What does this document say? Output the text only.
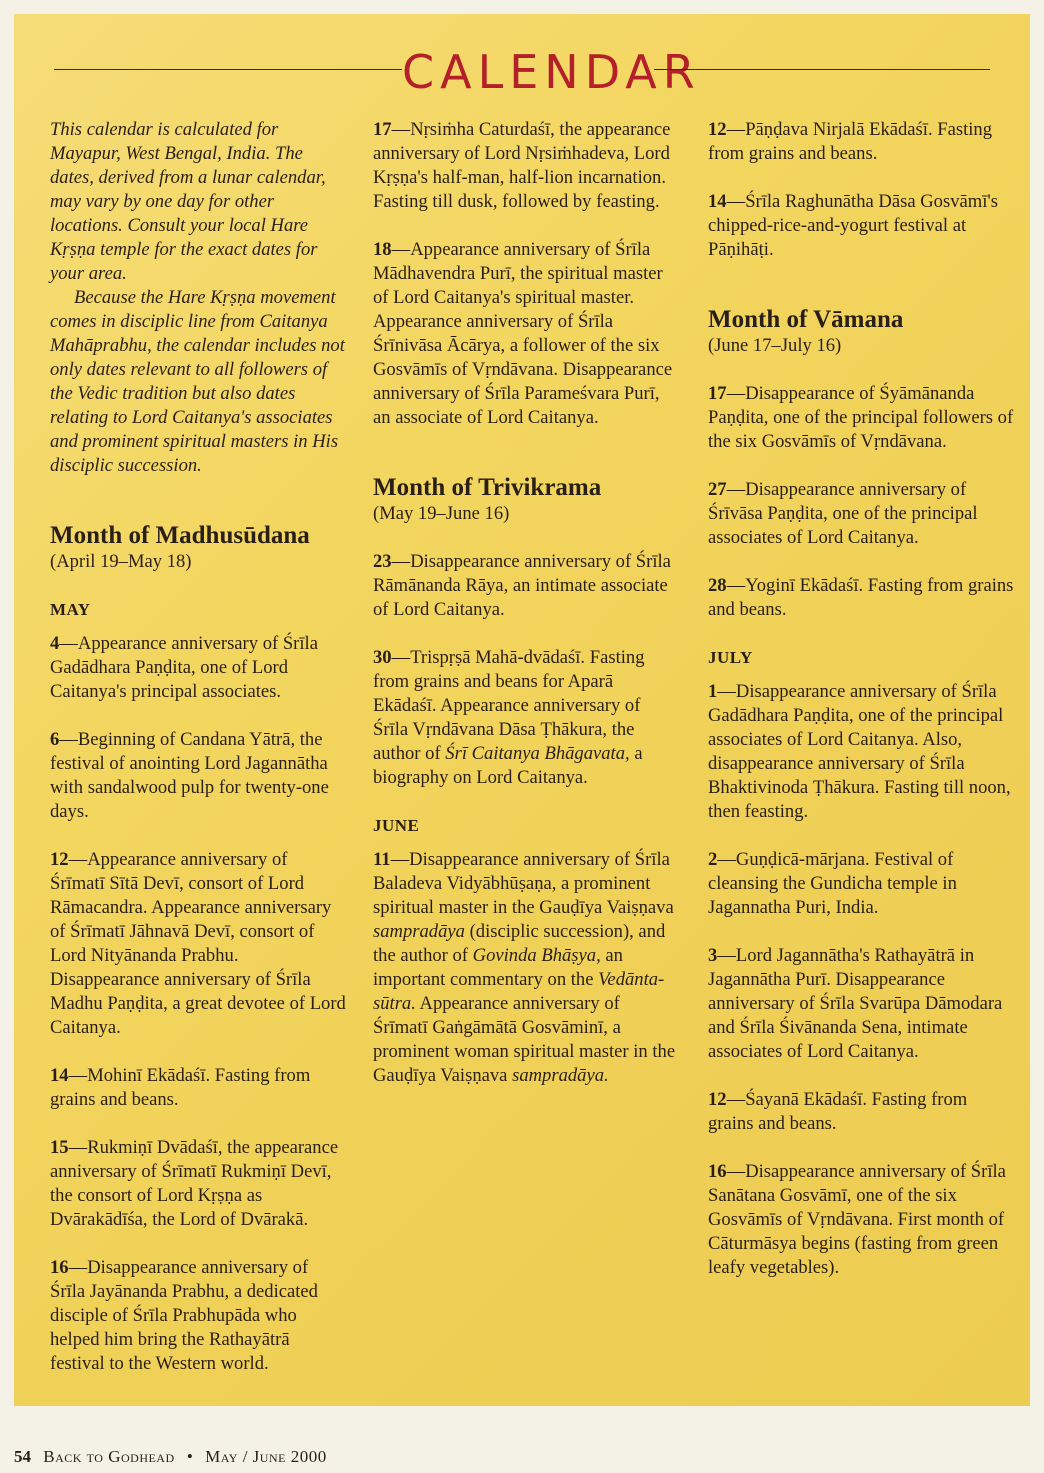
CALENDAR

This calendar is calculated for Mayapur, West Bengal, India. The dates, derived from a lunar calendar, may vary by one day for other locations. Consult your local Hare Kṛṣṇa temple for the exact dates for your area.

Because the Hare Kṛṣṇa movement comes in disciplic line from Caitanya Mahāprabhu, the calendar includes not only dates relevant to all followers of the Vedic tradition but also dates relating to Lord Caitanya's associates and prominent spiritual masters in His disciplic succession.

Month of Madhusūdana

(April 19–May 18)

MAY

4—Appearance anniversary of Śrīla Gadādhara Paṇḍita, one of Lord Caitanya's principal associates.

6—Beginning of Candana Yātrā, the festival of anointing Lord Jagannātha with sandalwood pulp for twenty-one days.

12—Appearance anniversary of Śrīmatī Sītā Devī, consort of Lord Rāmacandra. Appearance anniversary of Śrīmatī Jāhnavā Devī, consort of Lord Nityānanda Prabhu. Disappearance anniversary of Śrīla Madhu Paṇḍita, a great devotee of Lord Caitanya.

14—Mohinī Ekādaśī. Fasting from grains and beans.

15—Rukmiṇī Dvādaśī, the appearance anniversary of Śrīmatī Rukmiṇī Devī, the consort of Lord Kṛṣṇa as Dvārakādīśa, the Lord of Dvārakā.

16—Disappearance anniversary of Śrīla Jayānanda Prabhu, a dedicated disciple of Śrīla Prabhupāda who helped him bring the Rathayātrā festival to the Western world.

17—Nṛsiṁha Caturdaśī, the appearance anniversary of Lord Nṛsiṁhadeva, Lord Kṛṣṇa's half-man, half-lion incarnation. Fasting till dusk, followed by feasting.

18—Appearance anniversary of Śrīla Mādhavendra Purī, the spiritual master of Lord Caitanya's spiritual master. Appearance anniversary of Śrīla Śrīnivāsa Ācārya, a follower of the six Gosvāmīs of Vṛndāvana. Disappearance anniversary of Śrīla Parameśvara Purī, an associate of Lord Caitanya.

Month of Trivikrama

(May 19–June 16)

23—Disappearance anniversary of Śrīla Rāmānanda Rāya, an intimate associate of Lord Caitanya.

30—Trispṛṣā Mahā-dvādaśī. Fasting from grains and beans for Aparā Ekādaśī. Appearance anniversary of Śrīla Vṛndāvana Dāsa Ṭhākura, the author of Śrī Caitanya Bhāgavata, a biography on Lord Caitanya.

JUNE

11—Disappearance anniversary of Śrīla Baladeva Vidyābhūṣaṇa, a prominent spiritual master in the Gauḍīya Vaiṣṇava sampradāya (disciplic succession), and the author of Govinda Bhāṣya, an important commentary on the Vedānta-sūtra. Appearance anniversary of Śrīmatī Gaṅgāmātā Gosvāminī, a prominent woman spiritual master in the Gauḍīya Vaiṣṇava sampradāya.

12—Pāṇḍava Nirjalā Ekādaśī. Fasting from grains and beans.

14—Śrīla Raghunātha Dāsa Gosvāmī's chipped-rice-and-yogurt festival at Pāṇihāṭi.

Month of Vāmana

(June 17–July 16)

17—Disappearance of Śyāmānanda Paṇḍita, one of the principal followers of the six Gosvāmīs of Vṛndāvana.

27—Disappearance anniversary of Śrīvāsa Paṇḍita, one of the principal associates of Lord Caitanya.

28—Yoginī Ekādaśī. Fasting from grains and beans.

JULY

1—Disappearance anniversary of Śrīla Gadādhara Paṇḍita, one of the principal associates of Lord Caitanya. Also, disappearance anniversary of Śrīla Bhaktivinoda Ṭhākura. Fasting till noon, then feasting.

2—Guṇḍicā-mārjana. Festival of cleansing the Gundicha temple in Jagannatha Puri, India.

3—Lord Jagannātha's Rathayātrā in Jagannātha Purī. Disappearance anniversary of Śrīla Svarūpa Dāmodara and Śrīla Śivānanda Sena, intimate associates of Lord Caitanya.

12—Śayanā Ekādaśī. Fasting from grains and beans.

16—Disappearance anniversary of Śrīla Sanātana Gosvāmī, one of the six Gosvāmīs of Vṛndāvana. First month of Cāturmāsya begins (fasting from green leafy vegetables).

54 Back to Godhead • May / June 2000
